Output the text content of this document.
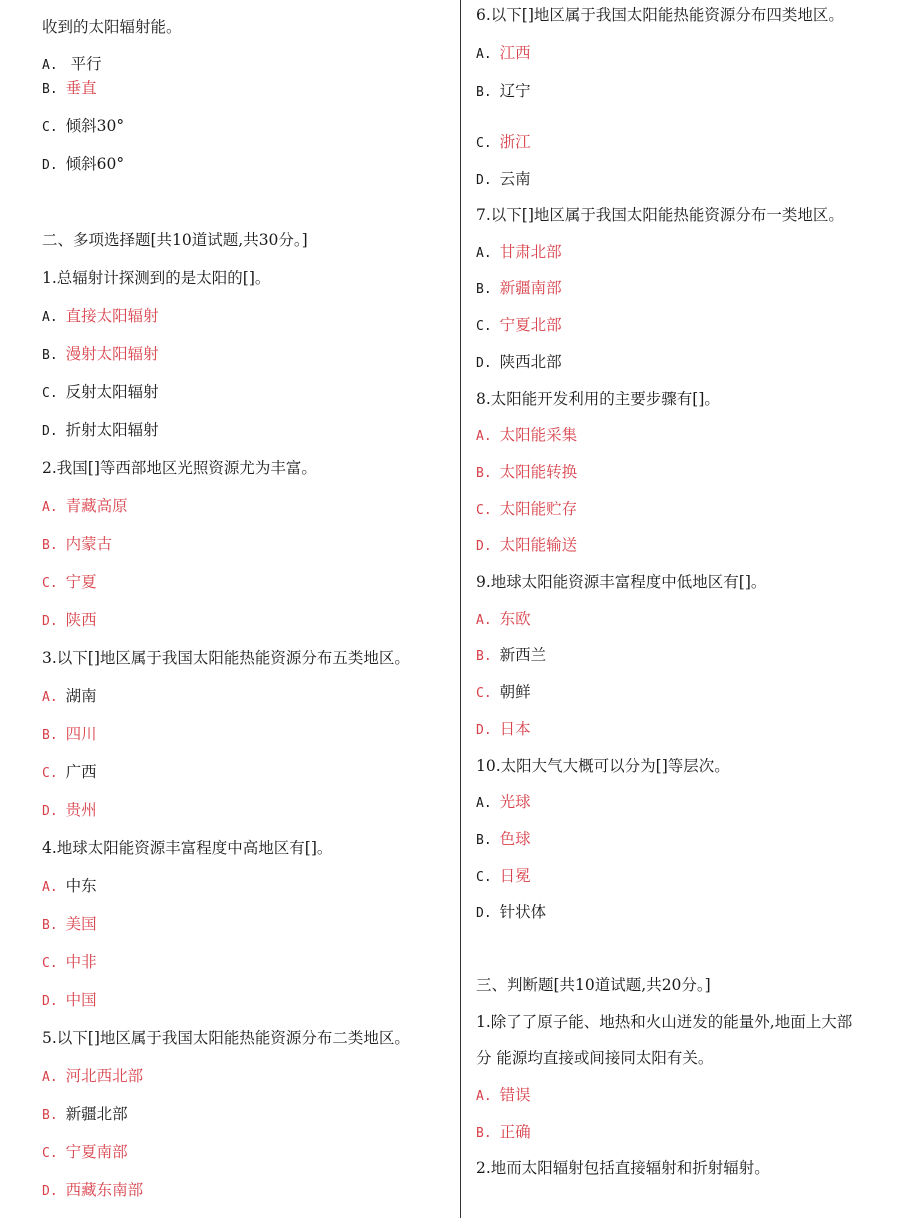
收到的太阳辐射能。
A. 平行
B. 垂直
C. 倾斜30°
D. 倾斜60°
二、多项选择题[共10道试题,共30分。]
1.总辐射计探测到的是太阳的[]。
A. 直接太阳辐射
B. 漫射太阳辐射
C. 反射太阳辐射
D. 折射太阳辐射
2.我国[]等西部地区光照资源尤为丰富。
A. 青藏高原
B. 内蒙古
C. 宁夏
D. 陕西
3.以下[]地区属于我国太阳能热能资源分布五类地区。
A. 湖南
B. 四川
C. 广西
D. 贵州
4.地球太阳能资源丰富程度中高地区有[]。
A. 中东
B. 美国
C. 中非
D. 中国
5.以下[]地区属于我国太阳能热能资源分布二类地区。
A. 河北西北部
B. 新疆北部
C. 宁夏南部
D. 西藏东南部
6.以下[]地区属于我国太阳能热能资源分布四类地区。
A. 江西
B. 辽宁
C. 浙江
D. 云南
7.以下[]地区属于我国太阳能热能资源分布一类地区。
A. 甘肃北部
B. 新疆南部
C. 宁夏北部
D. 陕西北部
8.太阳能开发利用的主要步骤有[]。
A. 太阳能采集
B. 太阳能转换
C. 太阳能贮存
D. 太阳能输送
9.地球太阳能资源丰富程度中低地区有[]。
A. 东欧
B. 新西兰
C. 朝鲜
D. 日本
10.太阳大气大概可以分为[]等层次。
A. 光球
B. 色球
C. 日冕
D. 针状体
三、判断题[共10道试题,共20分。]
1.除了了原子能、地热和火山迸发的能量外,地面上大部
分 能源均直接或间接同太阳有关。
A. 错误
B. 正确
2.地而太阳辐射包括直接辐射和折射辐射。
